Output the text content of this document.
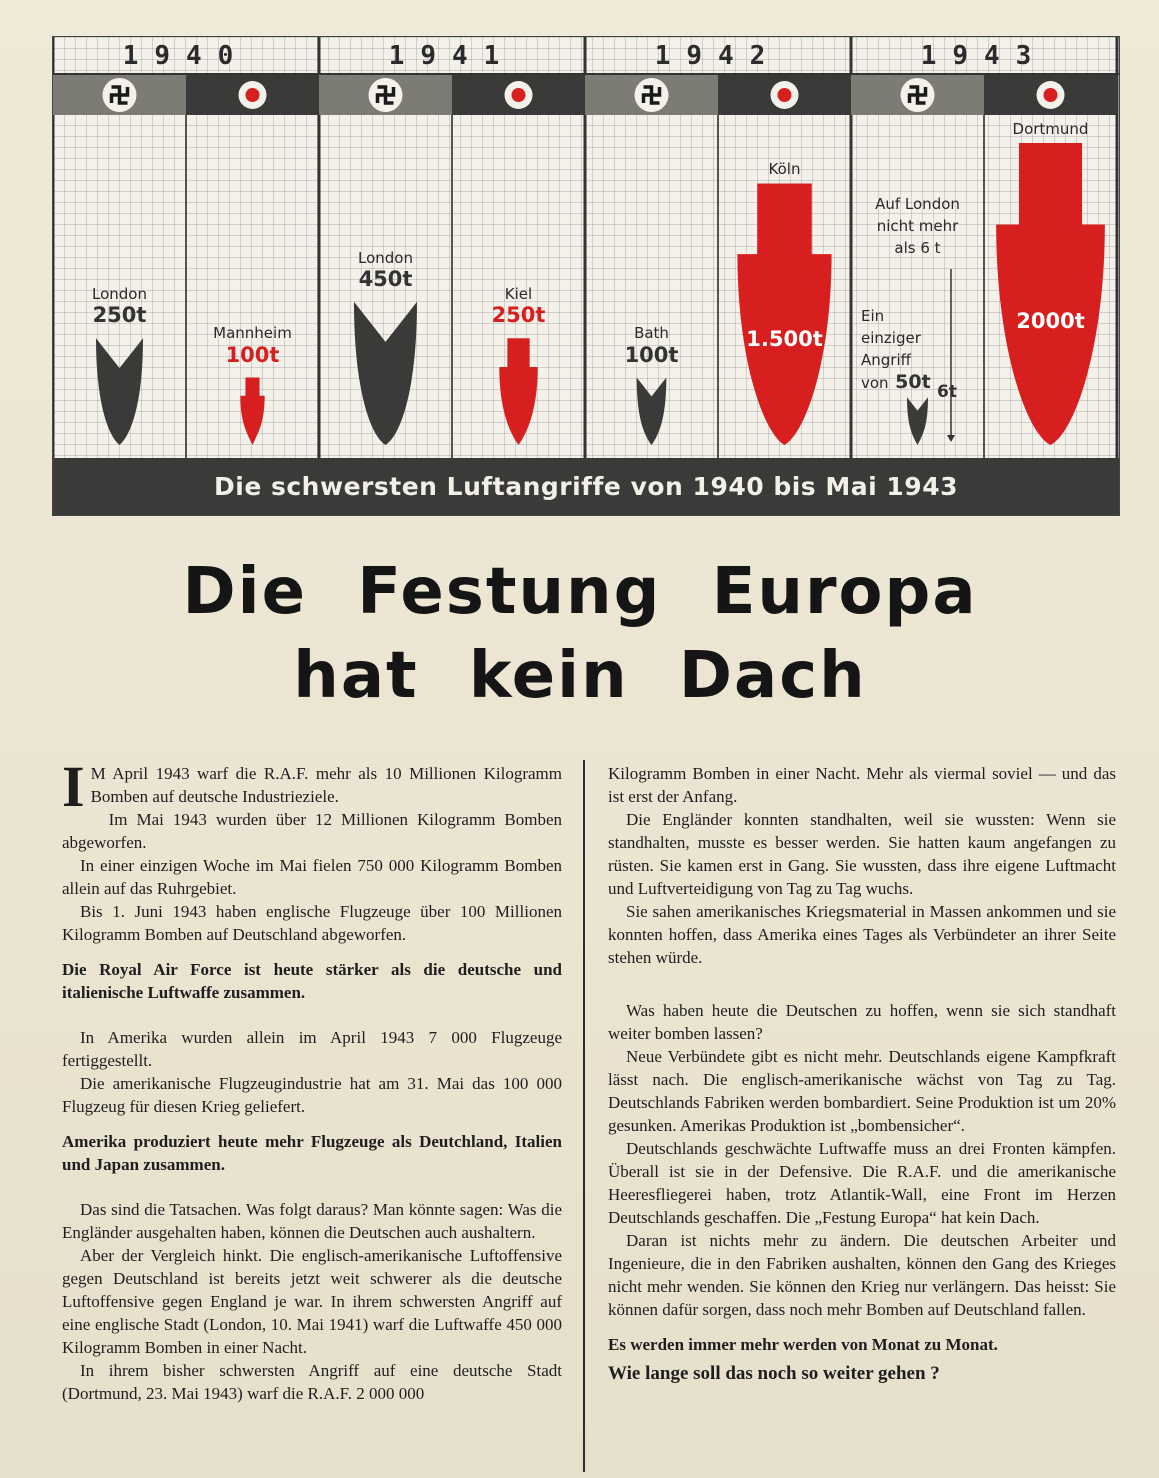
1940	1941	1942	1943
London
250t
Mannheim
100t
London
450t
Kiel
250t
Bath
100t
Köln
1.500t
Ein
einziger
Angriff
von 50t
Dortmund
2000t
Auf London
nicht mehr
als 6 t
6t
Die schwersten Luftangriffe von 1940 bis Mai 1943
Die Festung Europa
hat kein Dach

I M April 1943 warf die R.A.F. mehr als 10 Millionen Kilogramm Bomben auf deutsche Industrieziele.

Im Mai 1943 wurden über 12 Millionen Kilogramm Bomben abgeworfen.

In einer einzigen Woche im Mai fielen 750 000 Kilogramm Bomben allein auf das Ruhrgebiet.

Bis 1. Juni 1943 haben englische Flugzeuge über 100 Millionen Kilogramm Bomben auf Deutschland abgeworfen.

Die Royal Air Force ist heute stärker als die deutsche und italienische Luftwaffe zusammen.

In Amerika wurden allein im April 1943 7 000 Flugzeuge fertiggestellt.

Die amerikanische Flugzeugindustrie hat am 31. Mai das 100 000 Flugzeug für diesen Krieg geliefert.

Amerika produziert heute mehr Flugzeuge als Deutchland, Italien und Japan zusammen.

Das sind die Tatsachen. Was folgt daraus? Man könnte sagen: Was die Engländer ausgehalten haben, können die Deutschen auch aushaltern.

Aber der Vergleich hinkt. Die englisch-amerikanische Luftoffensive gegen Deutschland ist bereits jetzt weit schwerer als die deutsche Luftoffensive gegen England je war. In ihrem schwersten Angriff auf eine englische Stadt (London, 10. Mai 1941) warf die Luftwaffe 450 000 Kilogramm Bomben in einer Nacht.

In ihrem bisher schwersten Angriff auf eine deutsche Stadt (Dortmund, 23. Mai 1943) warf die R.A.F. 2 000 000

Kilogramm Bomben in einer Nacht. Mehr als viermal soviel — und das ist erst der Anfang.

Die Engländer konnten standhalten, weil sie wussten: Wenn sie standhalten, musste es besser werden. Sie hatten kaum angefangen zu rüsten. Sie kamen erst in Gang. Sie wussten, dass ihre eigene Luftmacht und Luftverteidigung von Tag zu Tag wuchs.

Sie sahen amerikanisches Kriegsmaterial in Massen ankommen und sie konnten hoffen, dass Amerika eines Tages als Verbündeter an ihrer Seite stehen würde.

Was haben heute die Deutschen zu hoffen, wenn sie sich standhaft weiter bomben lassen?

Neue Verbündete gibt es nicht mehr. Deutschlands eigene Kampfkraft lässt nach. Die englisch-amerikanische wächst von Tag zu Tag. Deutschlands Fabriken werden bombardiert. Seine Produktion ist um 20% gesunken. Amerikas Produktion ist „bombensicher“.

Deutschlands geschwächte Luftwaffe muss an drei Fronten kämpfen. Überall ist sie in der Defensive. Die R.A.F. und die amerikanische Heeresfliegerei haben, trotz Atlantik-Wall, eine Front im Herzen Deutschlands geschaffen. Die „Festung Europa“ hat kein Dach.

Daran ist nichts mehr zu ändern. Die deutschen Arbeiter und Ingenieure, die in den Fabriken aushalten, können den Gang des Krieges nicht mehr wenden. Sie können den Krieg nur verlängern. Das heisst: Sie können dafür sorgen, dass noch mehr Bomben auf Deutschland fallen.

Es werden immer mehr werden von Monat zu Monat.

Wie lange soll das noch so weiter gehen ?
